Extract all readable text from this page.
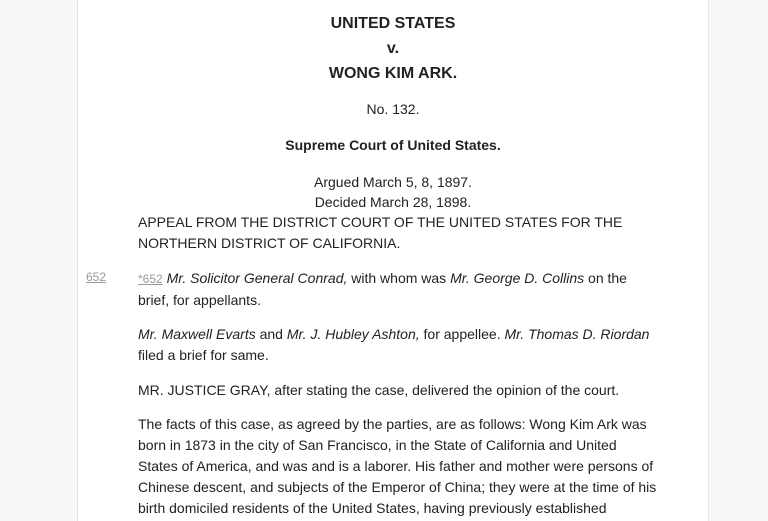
UNITED STATES
v.
WONG KIM ARK.
No. 132.
Supreme Court of United States.
Argued March 5, 8, 1897.
Decided March 28, 1898.
APPEAL FROM THE DISTRICT COURT OF THE UNITED STATES FOR THE NORTHERN DISTRICT OF CALIFORNIA.

*652 Mr. Solicitor General Conrad, with whom was Mr. George D. Collins on the brief, for appellants.

Mr. Maxwell Evarts and Mr. J. Hubley Ashton, for appellee. Mr. Thomas D. Riordan filed a brief for same.

MR. JUSTICE GRAY, after stating the case, delivered the opinion of the court.

The facts of this case, as agreed by the parties, are as follows: Wong Kim Ark was born in 1873 in the city of San Francisco, in the State of California and United States of America, and was and is a laborer. His father and mother were persons of Chinese descent, and subjects of the Emperor of China; they were at the time of his birth domiciled residents of the United States, having previously established

652
